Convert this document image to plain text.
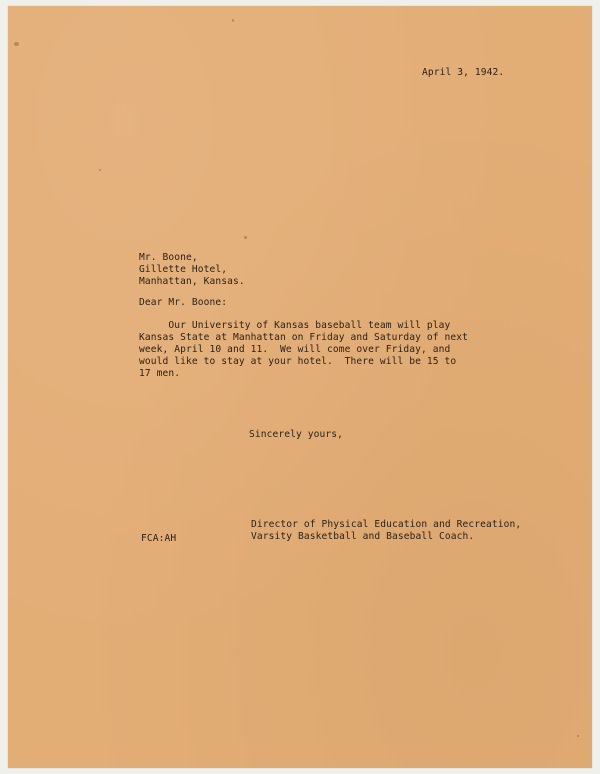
April 3, 1942.
Mr. Boone,
Gillette Hotel,
Manhattan, Kansas.
Dear Mr. Boone:
Our University of Kansas baseball team will play
Kansas State at Manhattan on Friday and Saturday of next
week, April 10 and 11.  We will come over Friday, and
would like to stay at your hotel.  There will be 15 to
17 men.
Sincerely yours,
Director of Physical Education and Recreation,
Varsity Basketball and Baseball Coach.
FCA:AH
